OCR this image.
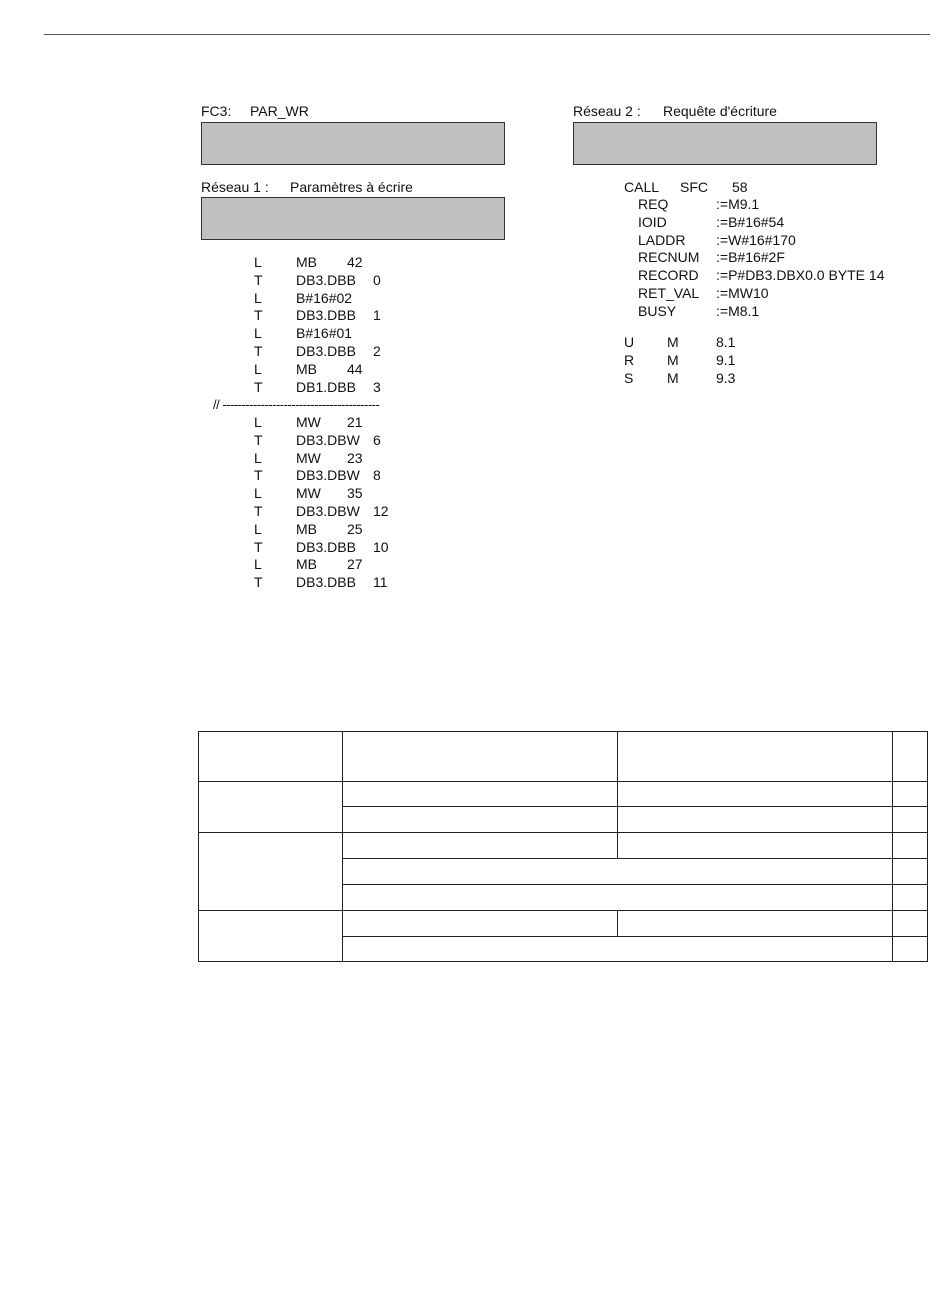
FC3: PAR_WR
Réseau 1 : Paramètres à écrire
L MB 42
T DB3.DBB 0
L B#16#02
T DB3.DBB 1
L B#16#01
T DB3.DBB 2
L MB 44
T DB1.DBB 3
// -----------------------------------------
L MW 21
T DB3.DBW 6
L MW 23
T DB3.DBW 8
L MW 35
T DB3.DBW 12
L MB 25
T DB3.DBB 10
L MB 27
T DB3.DBB 11
Réseau 2 : Requête d'écriture
CALL SFC 58
REQ	:=M9.1
IOID	:=B#16#54
LADDR :=W#16#170
RECNUM :=B#16#2F
RECORD :=P#DB3.DBX0.0 BYTE 14
RET_VAL :=MW10
BUSY	:=M8.1
U M	8.1
R M	9.1
S M	9.3
